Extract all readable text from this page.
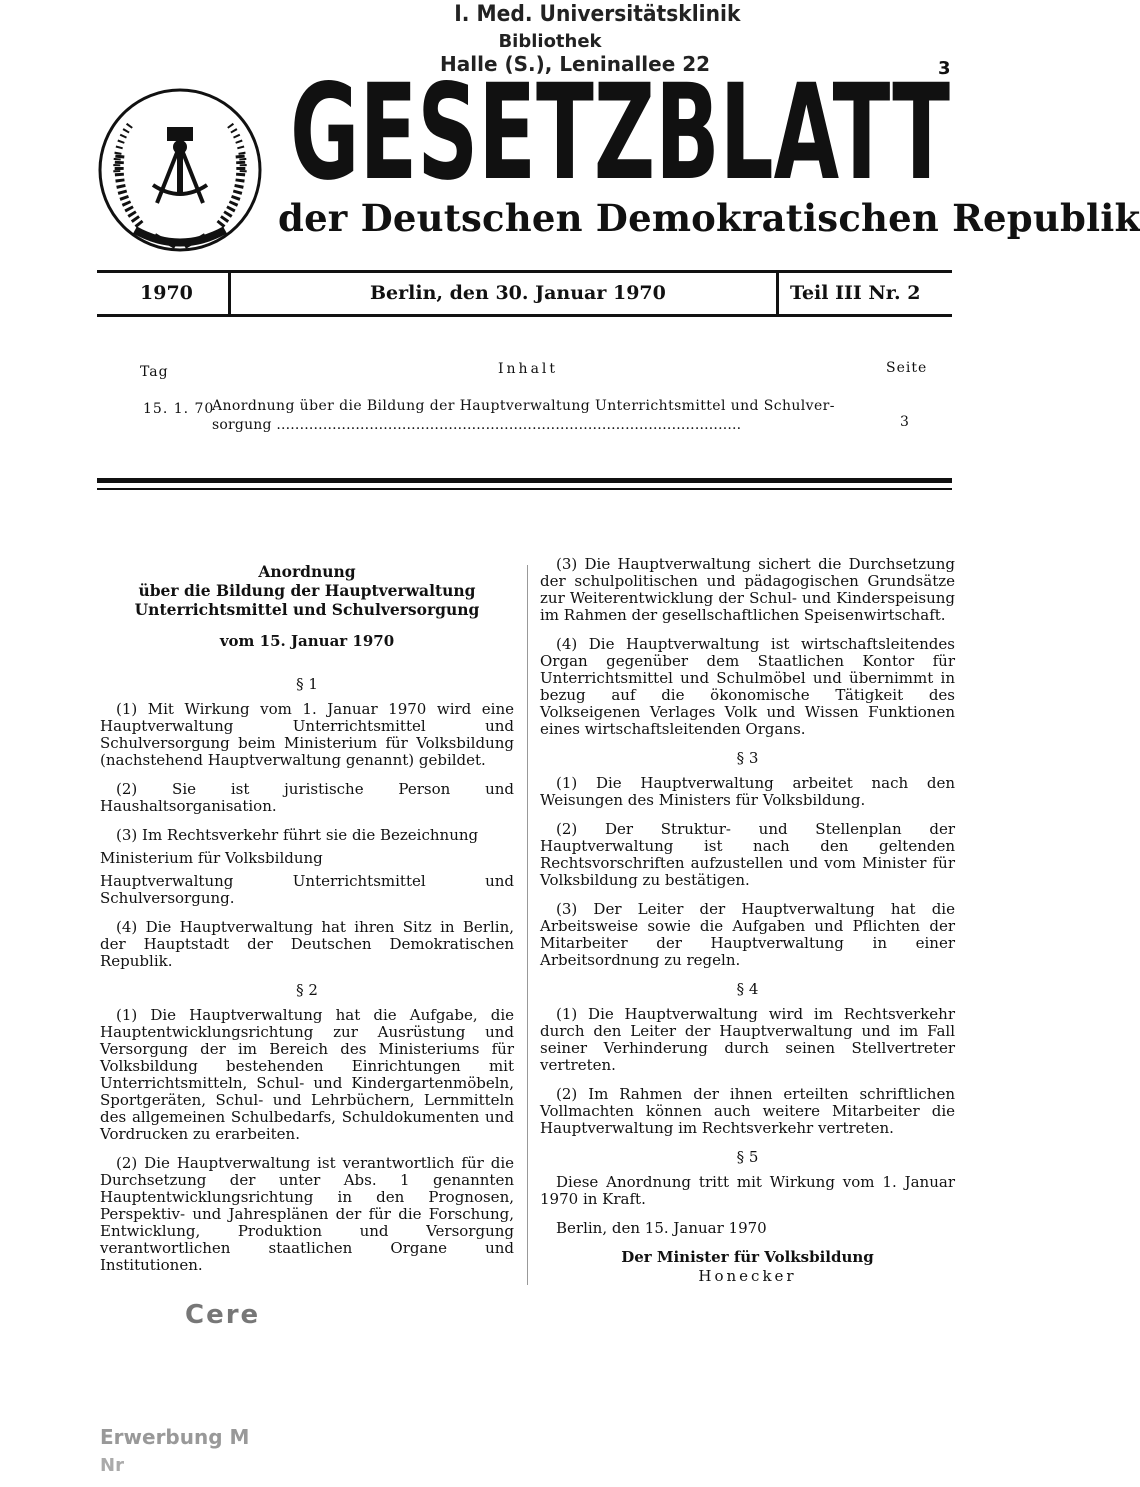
I. Med. Universitätsklinik
Bibliothek
Halle (S.), Leninallee 22	3
GESETZBLATT
der Deutschen Demokratischen Republik
1970	Berlin, den 30. Januar 1970	Teil III Nr. 2
Tag	Inhalt	Seite
15. 1. 70
Anordnung über die Bildung der Hauptverwaltung Unterrichtsmittel und Schulver-
sorgung ....................................................................................................	3

Anordnung
über die Bildung der Hauptverwaltung
Unterrichtsmittel und Schulversorgung

vom 15. Januar 1970

§ 1

(1) Mit Wirkung vom 1. Januar 1970 wird eine Hauptverwaltung Unterrichtsmittel und Schulversorgung beim Ministerium für Volksbildung (nachstehend Hauptverwaltung genannt) gebildet.

(2) Sie ist juristische Person und Haushaltsorganisation.

(3) Im Rechtsverkehr führt sie die Bezeichnung

Ministerium für Volksbildung

Hauptverwaltung Unterrichtsmittel und Schulversorgung.

(4) Die Hauptverwaltung hat ihren Sitz in Berlin, der Hauptstadt der Deutschen Demokratischen Republik.

§ 2

(1) Die Hauptverwaltung hat die Aufgabe, die Hauptentwicklungsrichtung zur Ausrüstung und Versorgung der im Bereich des Ministeriums für Volksbildung bestehenden Einrichtungen mit Unterrichtsmitteln, Schul- und Kindergartenmöbeln, Sportgeräten, Schul- und Lehrbüchern, Lernmitteln des allgemeinen Schulbedarfs, Schuldokumenten und Vordrucken zu erarbeiten.

(2) Die Hauptverwaltung ist verantwortlich für die Durchsetzung der unter Abs. 1 genannten Hauptentwicklungsrichtung in den Prognosen, Perspektiv- und Jahresplänen der für die Forschung, Entwicklung, Produktion und Versorgung verantwortlichen staatlichen Organe und Institutionen.

(3) Die Hauptverwaltung sichert die Durchsetzung der schulpolitischen und pädagogischen Grundsätze zur Weiterentwicklung der Schul- und Kinderspeisung im Rahmen der gesellschaftlichen Speisenwirtschaft.

(4) Die Hauptverwaltung ist wirtschaftsleitendes Organ gegenüber dem Staatlichen Kontor für Unterrichtsmittel und Schulmöbel und übernimmt in bezug auf die ökonomische Tätigkeit des Volkseigenen Verlages Volk und Wissen Funktionen eines wirtschaftsleitenden Organs.

§ 3

(1) Die Hauptverwaltung arbeitet nach den Weisungen des Ministers für Volksbildung.

(2) Der Struktur- und Stellenplan der Hauptverwaltung ist nach den geltenden Rechtsvorschriften aufzustellen und vom Minister für Volksbildung zu bestätigen.

(3) Der Leiter der Hauptverwaltung hat die Arbeitsweise sowie die Aufgaben und Pflichten der Mitarbeiter der Hauptverwaltung in einer Arbeitsordnung zu regeln.

§ 4

(1) Die Hauptverwaltung wird im Rechtsverkehr durch den Leiter der Hauptverwaltung und im Fall seiner Verhinderung durch seinen Stellvertreter vertreten.

(2) Im Rahmen der ihnen erteilten schriftlichen Vollmachten können auch weitere Mitarbeiter die Hauptverwaltung im Rechtsverkehr vertreten.

§ 5

Diese Anordnung tritt mit Wirkung vom 1. Januar 1970 in Kraft.

Berlin, den 15. Januar 1970

Der Minister für Volksbildung

Honecker

Cere
Erwerbung M
Nr
